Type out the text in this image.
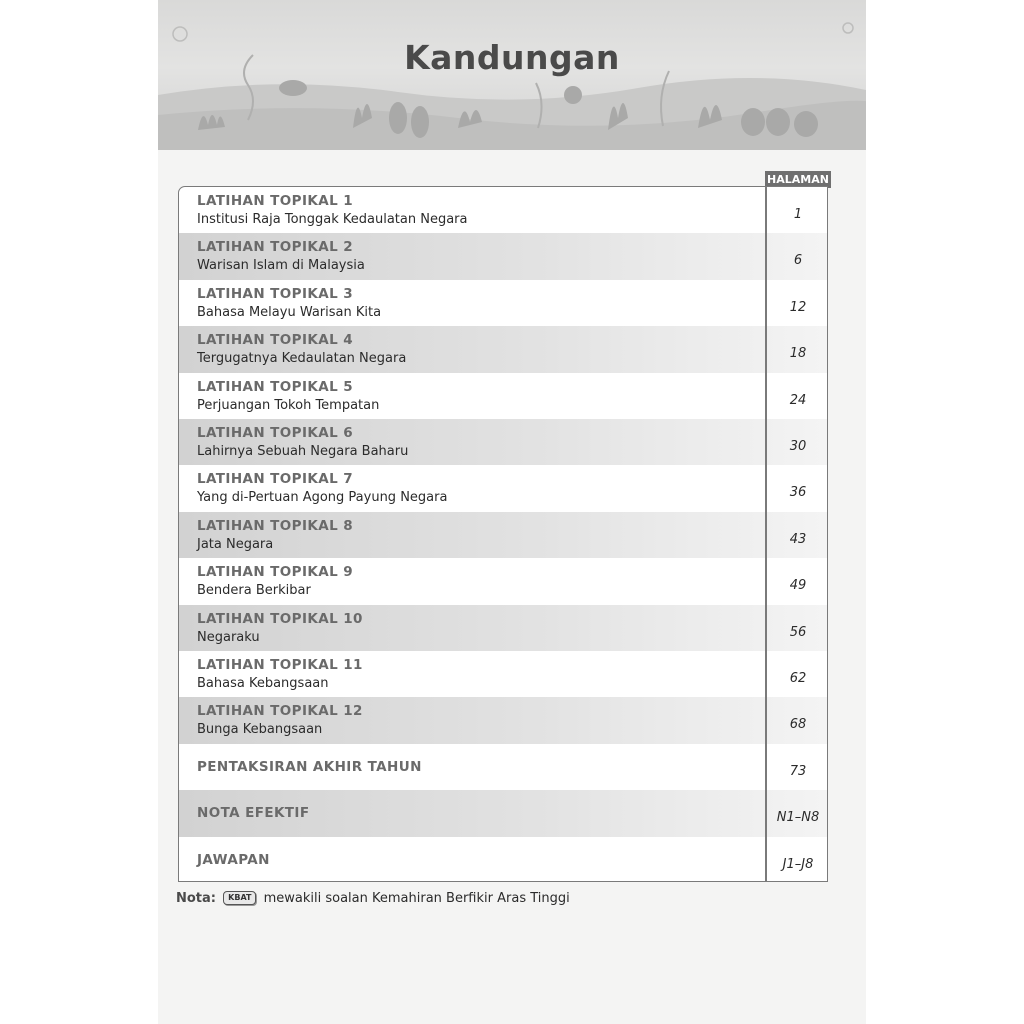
Kandungan
HALAMAN
LATIHAN TOPIKAL 1
Institusi Raja Tonggak Kedaulatan Negara	1
LATIHAN TOPIKAL 2
Warisan Islam di Malaysia	6
LATIHAN TOPIKAL 3
Bahasa Melayu Warisan Kita	12
LATIHAN TOPIKAL 4
Tergugatnya Kedaulatan Negara	18
LATIHAN TOPIKAL 5
Perjuangan Tokoh Tempatan	24
LATIHAN TOPIKAL 6
Lahirnya Sebuah Negara Baharu	30
LATIHAN TOPIKAL 7
Yang di-Pertuan Agong Payung Negara	36
LATIHAN TOPIKAL 8
Jata Negara	43
LATIHAN TOPIKAL 9
Bendera Berkibar	49
LATIHAN TOPIKAL 10
Negaraku	56
LATIHAN TOPIKAL 11
Bahasa Kebangsaan	62
LATIHAN TOPIKAL 12
Bunga Kebangsaan	68
PENTAKSIRAN AKHIR TAHUN	73
NOTA EFEKTIF	N1–N8
JAWAPAN	J1–J8
Nota: KBAT mewakili soalan Kemahiran Berfikir Aras Tinggi
